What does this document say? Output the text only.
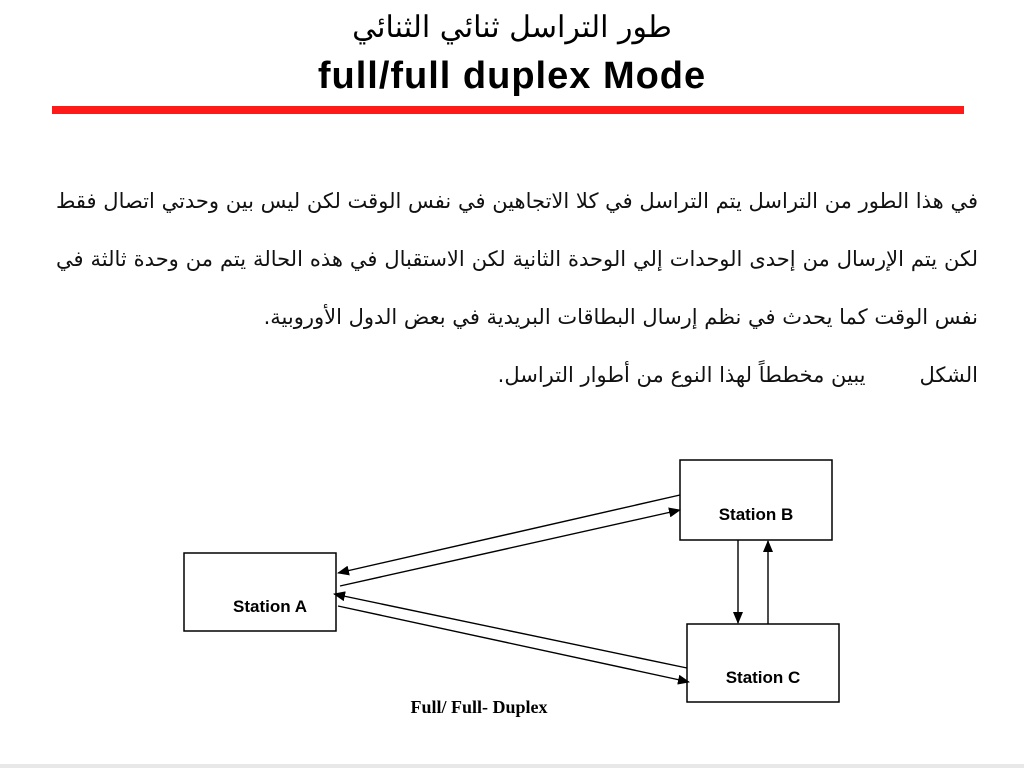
طور التراسل ثنائي الثنائي
full/full duplex Mode

في هذا الطور من التراسل يتم التراسل في كلا الاتجاهين في نفس الوقت لكن ليس بين وحدتي اتصال فقط لكن يتم الإرسال من إحدى الوحدات إلي الوحدة الثانية لكن الاستقبال في هذه الحالة يتم من وحدة ثالثة في نفس الوقت كما يحدث في نظم إرسال البطاقات البريدية في بعض الدول الأوروبية.

الشكليبين مخططاً لهذا النوع من أطوار التراسل.
Station A
Station B
Station C
Full/ Full- Duplex
